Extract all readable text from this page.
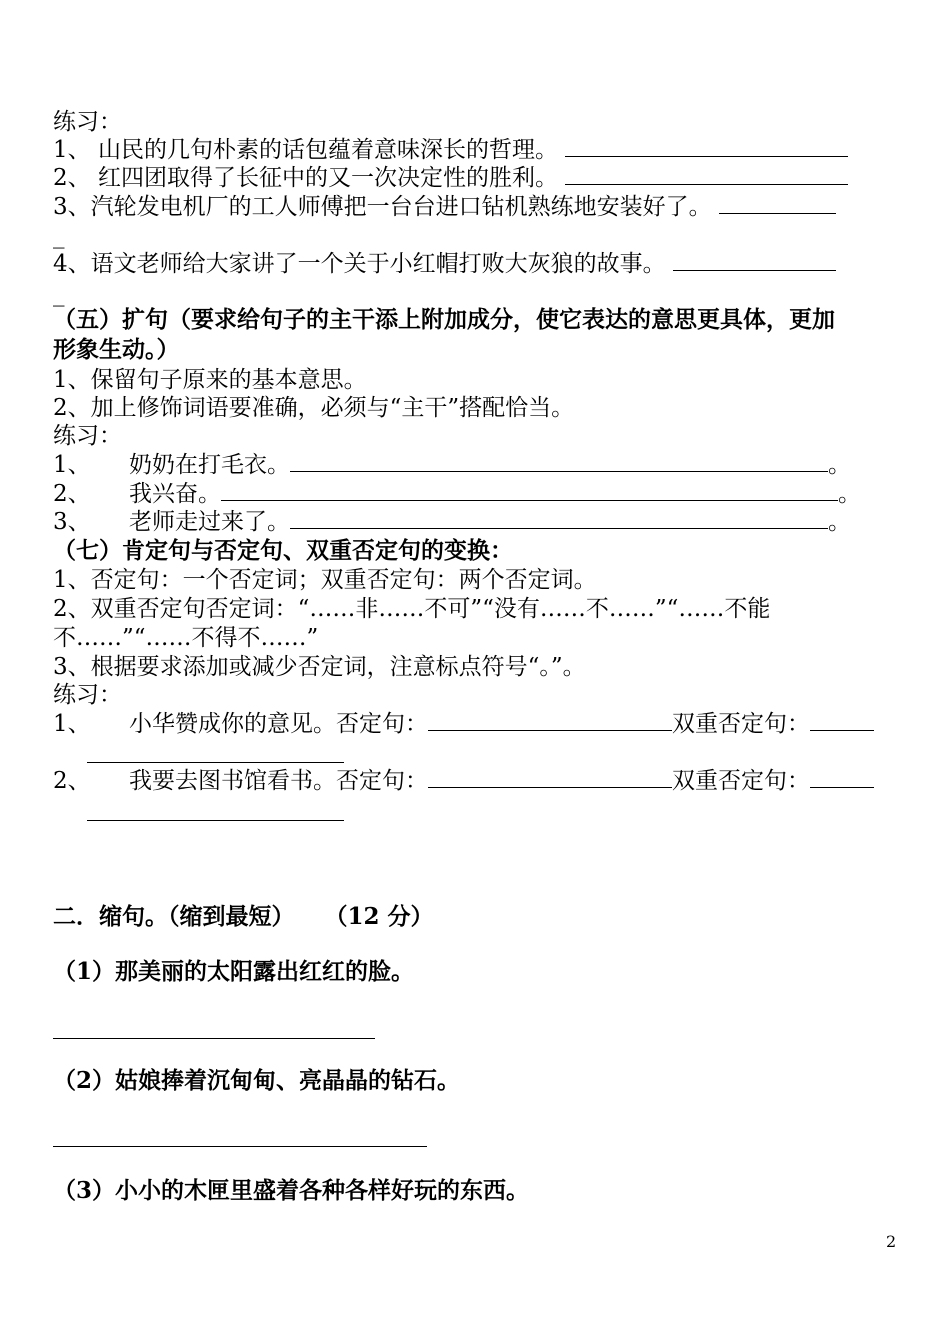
练习：
1、 山民的几句朴素的话包蕴着意味深长的哲理。
2、 红四团取得了长征中的又一次决定性的胜利。
3、汽轮发电机厂的工人师傅把一台台进口钻机熟练地安装好了。
_
4、语文老师给大家讲了一个关于小红帽打败大灰狼的故事。
_
（五）扩句（要求给句子的主干添上附加成分，使它表达的意思更具体，更加
形象生动。）
1、保留句子原来的基本意思。
2、加上修饰词语要准确，必须与“主干”搭配恰当。
练习：
1、 奶奶在打毛衣。	。
2、 我兴奋。	。
3、 老师走过来了。	。
（七）肯定句与否定句、双重否定句的变换：
1、否定句：一个否定词；双重否定句：两个否定词。
2、双重否定句否定词：“……非……不可”“没有……不……”“……不能
不……”“……不得不……”
3、根据要求添加或减少否定词，注意标点符号“。”。
练习：
1、 小华赞成你的意见。否定句：	双重否定句：
2、 我要去图书馆看书。否定句：	双重否定句：
二．缩句。（缩到最短） （12 分）
（1）那美丽的太阳露出红红的脸。
（2）姑娘捧着沉甸甸、亮晶晶的钻石。
（3）小小的木匣里盛着各种各样好玩的东西。
2
